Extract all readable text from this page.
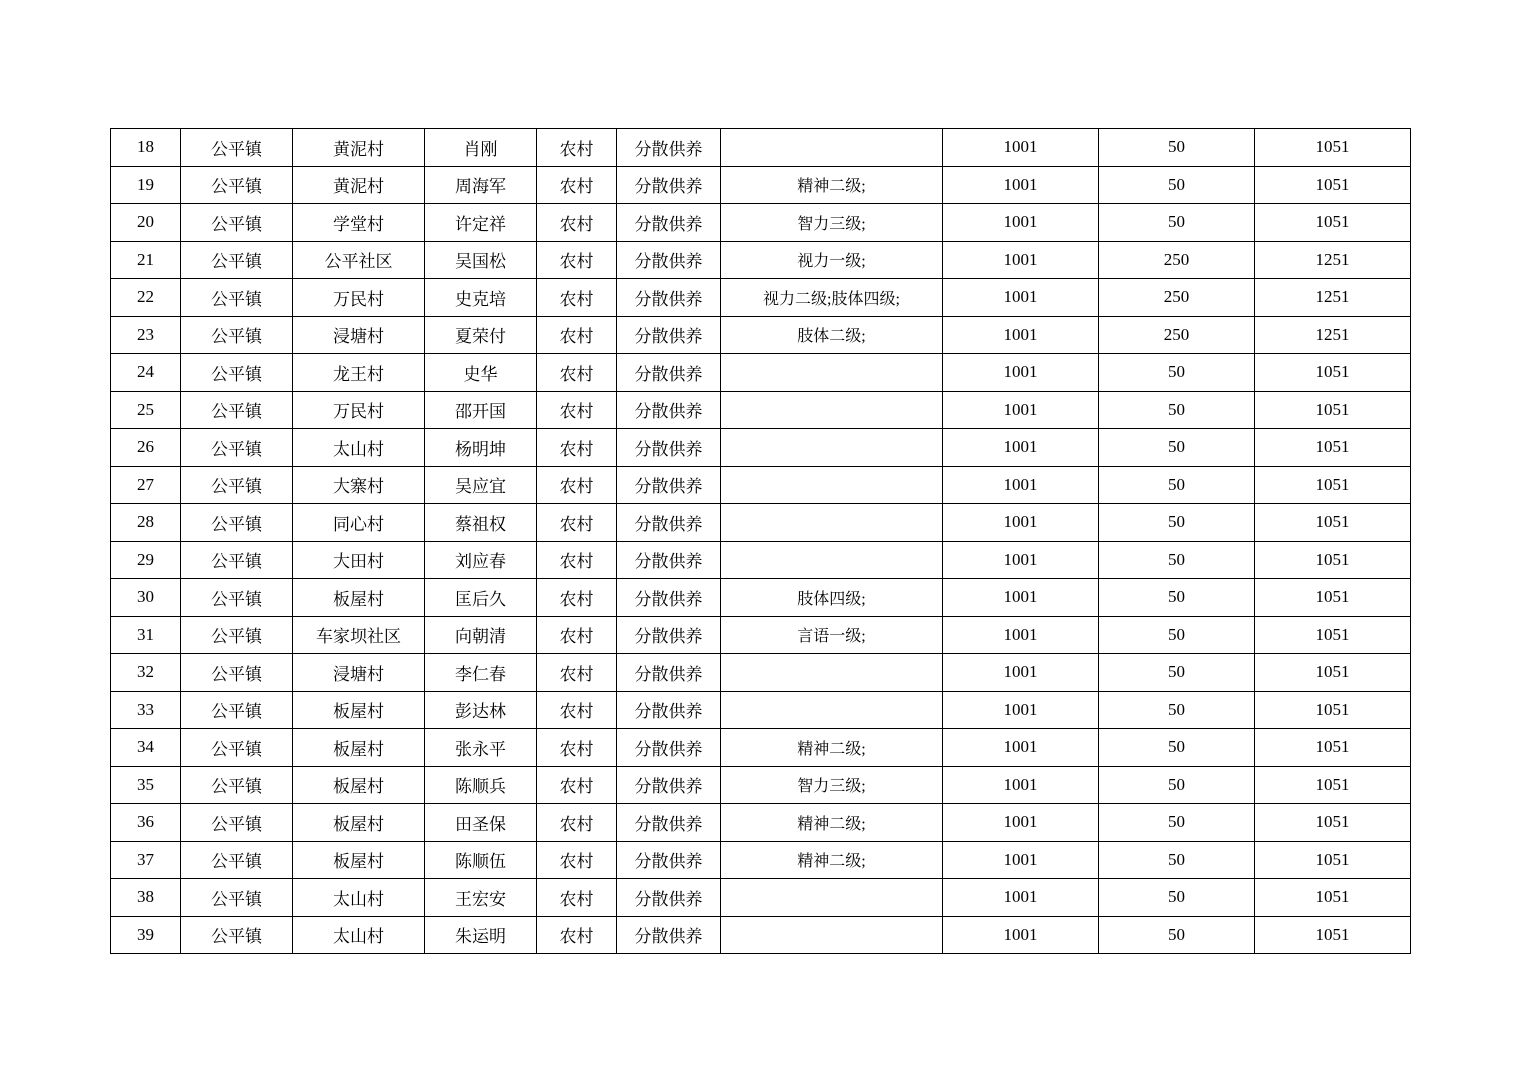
18	公平镇	黄泥村	肖刚	农村	分散供养		1001	50	1051
19	公平镇	黄泥村	周海军	农村	分散供养	精神二级;	1001	50	1051
20	公平镇	学堂村	许定祥	农村	分散供养	智力三级;	1001	50	1051
21	公平镇	公平社区	吴国松	农村	分散供养	视力一级;	1001	250	1251
22	公平镇	万民村	史克培	农村	分散供养	视力二级;肢体四级;	1001	250	1251
23	公平镇	浸塘村	夏荣付	农村	分散供养	肢体二级;	1001	250	1251
24	公平镇	龙王村	史华	农村	分散供养		1001	50	1051
25	公平镇	万民村	邵开国	农村	分散供养		1001	50	1051
26	公平镇	太山村	杨明坤	农村	分散供养		1001	50	1051
27	公平镇	大寨村	吴应宜	农村	分散供养		1001	50	1051
28	公平镇	同心村	蔡祖权	农村	分散供养		1001	50	1051
29	公平镇	大田村	刘应春	农村	分散供养		1001	50	1051
30	公平镇	板屋村	匡后久	农村	分散供养	肢体四级;	1001	50	1051
31	公平镇	车家坝社区	向朝清	农村	分散供养	言语一级;	1001	50	1051
32	公平镇	浸塘村	李仁春	农村	分散供养		1001	50	1051
33	公平镇	板屋村	彭达林	农村	分散供养		1001	50	1051
34	公平镇	板屋村	张永平	农村	分散供养	精神二级;	1001	50	1051
35	公平镇	板屋村	陈顺兵	农村	分散供养	智力三级;	1001	50	1051
36	公平镇	板屋村	田圣保	农村	分散供养	精神二级;	1001	50	1051
37	公平镇	板屋村	陈顺伍	农村	分散供养	精神二级;	1001	50	1051
38	公平镇	太山村	王宏安	农村	分散供养		1001	50	1051
39	公平镇	太山村	朱运明	农村	分散供养		1001	50	1051
